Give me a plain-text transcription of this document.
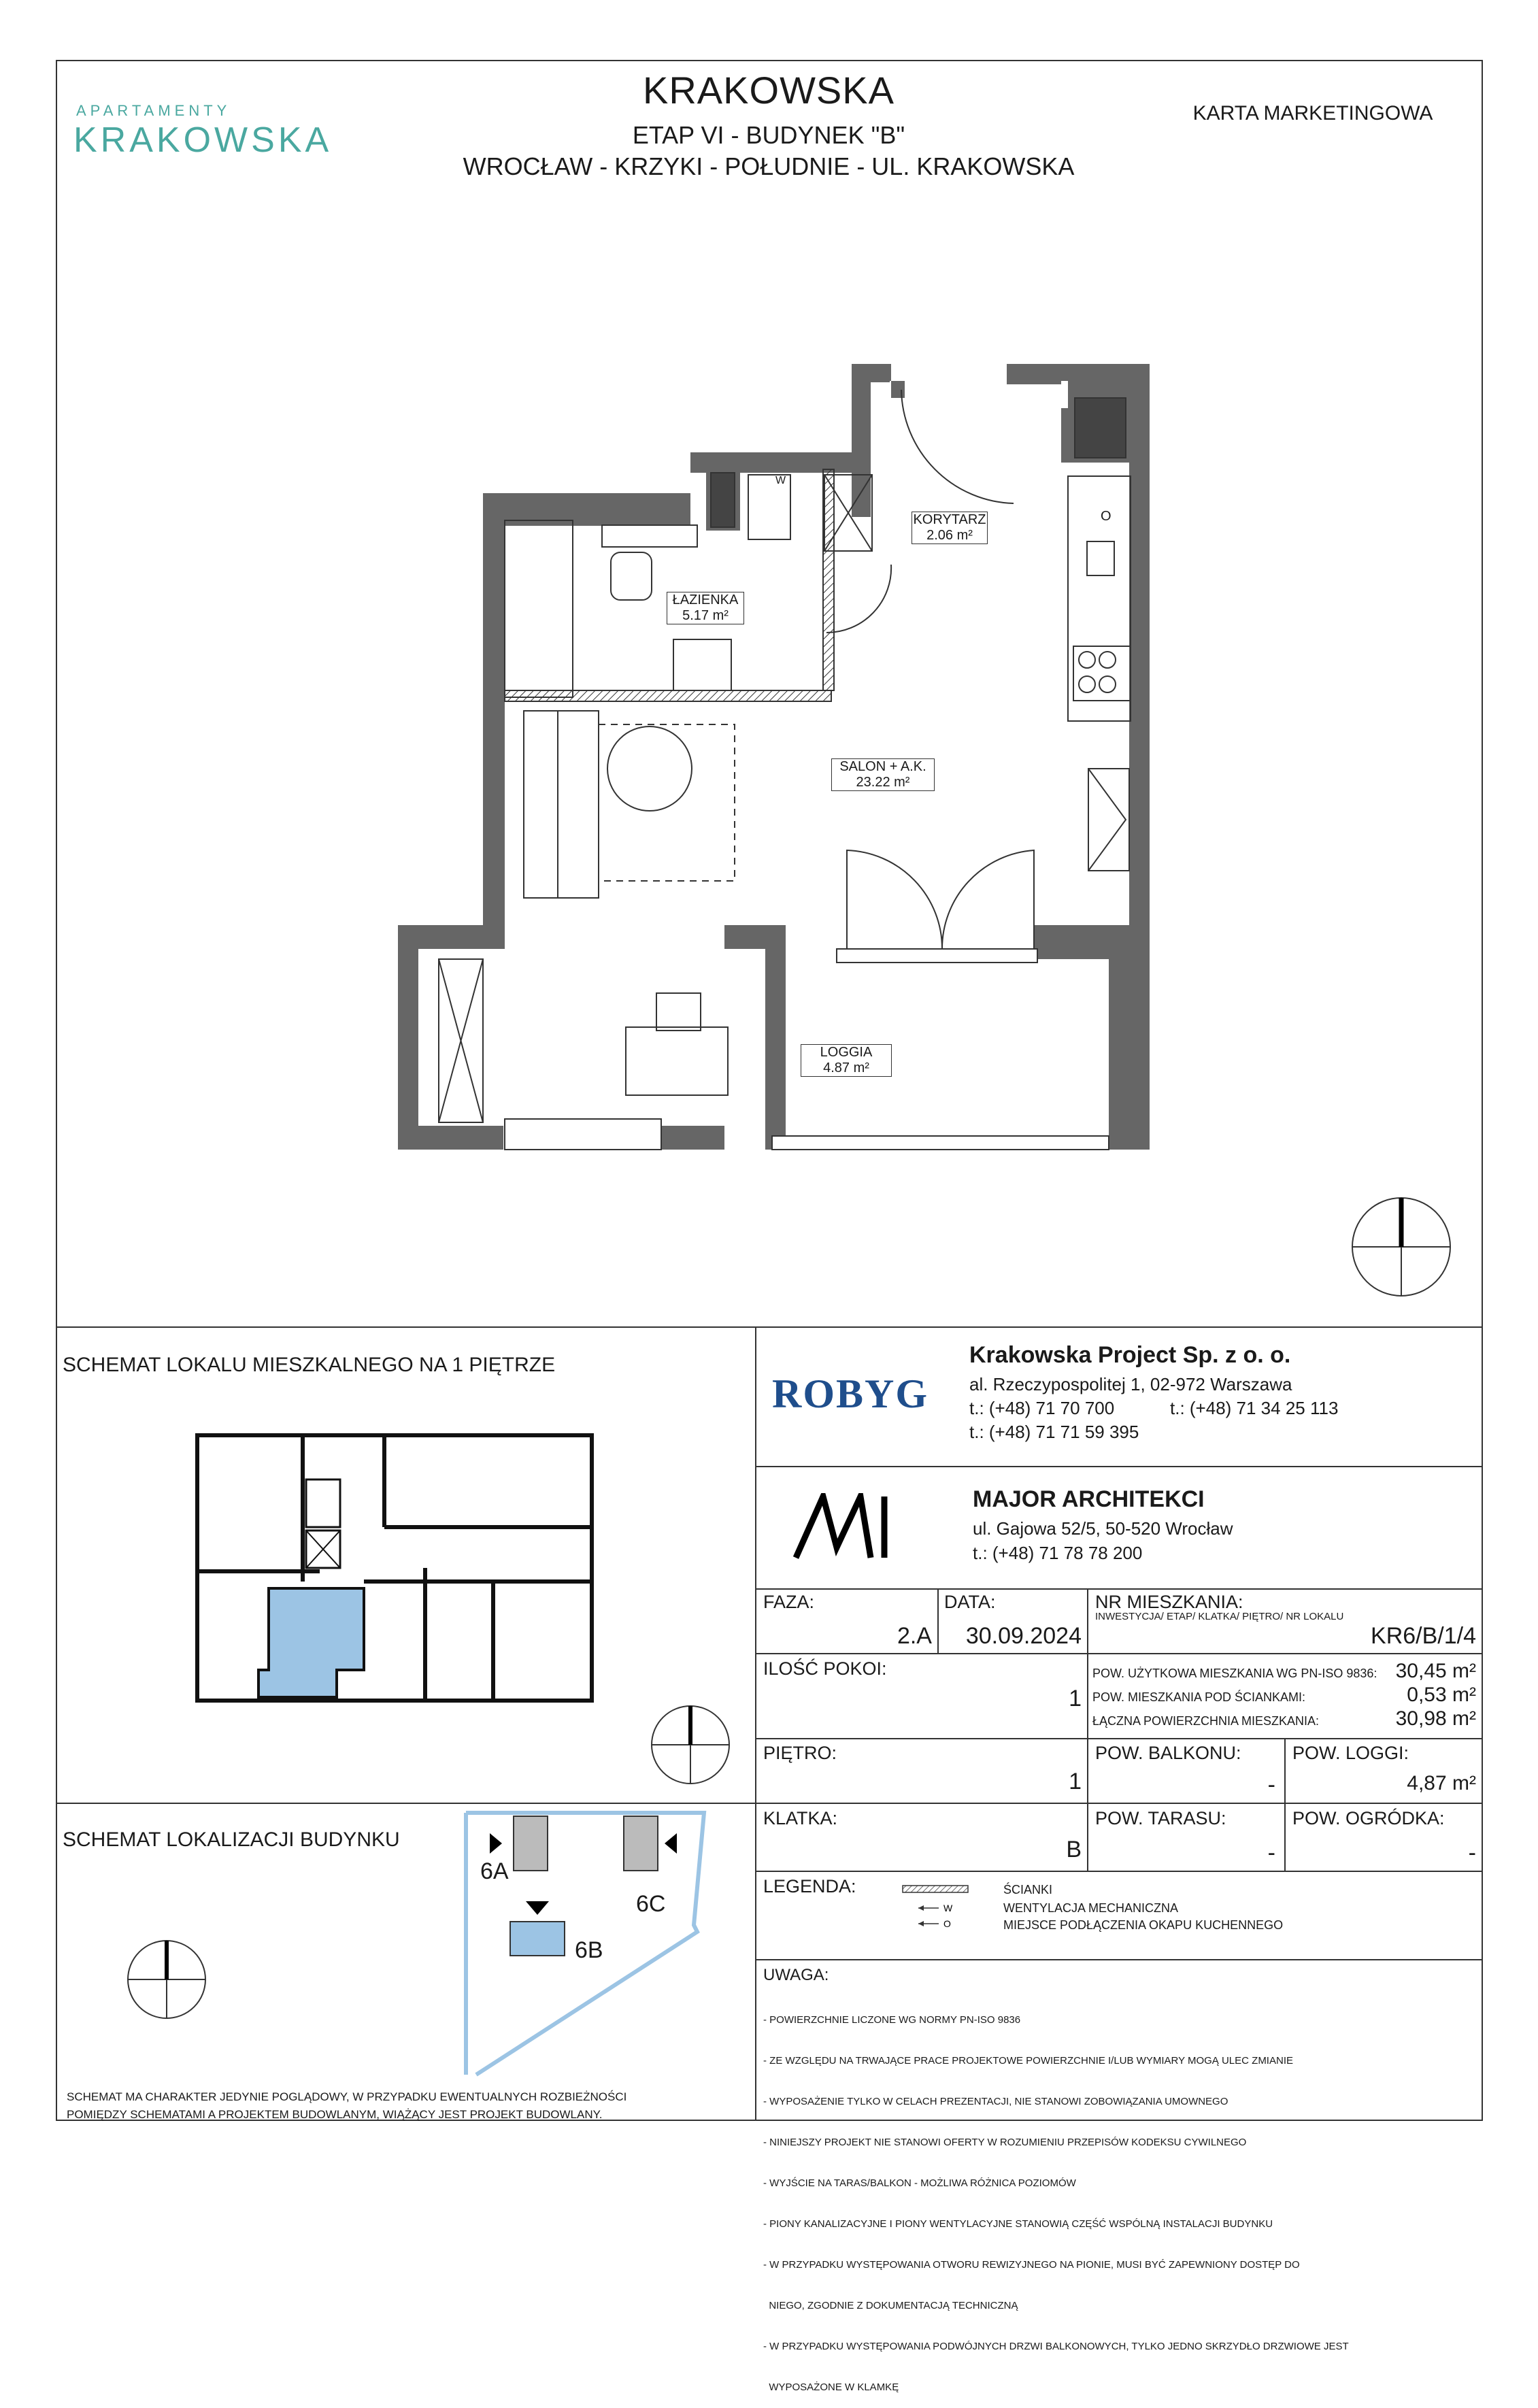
APARTAMENTY
KRAKOWSKA
KRAKOWSKA
ETAP VI - BUDYNEK "B"
WROCŁAW - KRZYKI - POŁUDNIE - UL. KRAKOWSKA
KARTA MARKETINGOWA
KORYTARZ
2.06 m²
ŁAZIENKA
5.17 m²
SALON + A.K.
23.22 m²
LOGGIA
4.87 m²
W
O
SCHEMAT LOKALU MIESZKALNEGO NA 1 PIĘTRZE
SCHEMAT LOKALIZACJI BUDYNKU
6A
6B
6C
SCHEMAT MA CHARAKTER JEDYNIE POGLĄDOWY, W PRZYPADKU EWENTUALNYCH ROZBIEŻNOŚCI
POMIĘDZY SCHEMATAMI A PROJEKTEM BUDOWLANYM, WIĄŻĄCY JEST PROJEKT BUDOWLANY.
ROBYG
Krakowska Project Sp. z o. o.
al. Rzeczypospolitej 1, 02-972 Warszawa
t.: (+48) 71 70 700	t.: (+48) 71 34 25 113
t.: (+48) 71 71 59 395
MAJOR ARCHITEKCI
ul. Gajowa 52/5, 50-520 Wrocław
t.: (+48) 71 78 78 200
FAZA:
2.A
DATA:
30.09.2024
NR MIESZKANIA:
INWESTYCJA/ ETAP/ KLATKA/ PIĘTRO/ NR LOKALU
KR6/B/1/4
ILOŚĆ POKOI:
1
POW. UŻYTKOWA MIESZKANIA WG PN-ISO 9836: 30,45 m²
POW. MIESZKANIA POD ŚCIANKAMI:	0,53 m²
ŁĄCZNA POWIERZCHNIA MIESZKANIA:	30,98 m²
PIĘTRO:
1
POW. BALKONU:
-
POW. LOGGI:
4,87 m²
KLATKA:
B
POW. TARASU:
-
POW. OGRÓDKA:
-
LEGENDA:
W
O
ŚCIANKI
WENTYLACJA MECHANICZNA
MIEJSCE PODŁĄCZENIA OKAPU KUCHENNEGO
UWAGA:

- POWIERZCHNIE LICZONE WG NORMY PN-ISO 9836

- ZE WZGLĘDU NA TRWAJĄCE PRACE PROJEKTOWE POWIERZCHNIE I/LUB WYMIARY MOGĄ ULEC ZMIANIE

- WYPOSAŻENIE TYLKO W CELACH PREZENTACJI, NIE STANOWI ZOBOWIĄZANIA UMOWNEGO

- NINIEJSZY PROJEKT NIE STANOWI OFERTY W ROZUMIENIU PRZEPISÓW KODEKSU CYWILNEGO

- WYJŚCIE NA TARAS/BALKON - MOŻLIWA RÓŻNICA POZIOMÓW

- PIONY KANALIZACYJNE I PIONY WENTYLACYJNE STANOWIĄ CZĘŚĆ WSPÓLNĄ INSTALACJI BUDYNKU

- W PRZYPADKU WYSTĘPOWANIA OTWORU REWIZYJNEGO NA PIONIE, MUSI BYĆ ZAPEWNIONY DOSTĘP DO

NIEGO, ZGODNIE Z DOKUMENTACJĄ TECHNICZNĄ

- W PRZYPADKU WYSTĘPOWANIA PODWÓJNYCH DRZWI BALKONOWYCH, TYLKO JEDNO SKRZYDŁO DRZWIOWE JEST

WYPOSAŻONE W KLAMKĘ
